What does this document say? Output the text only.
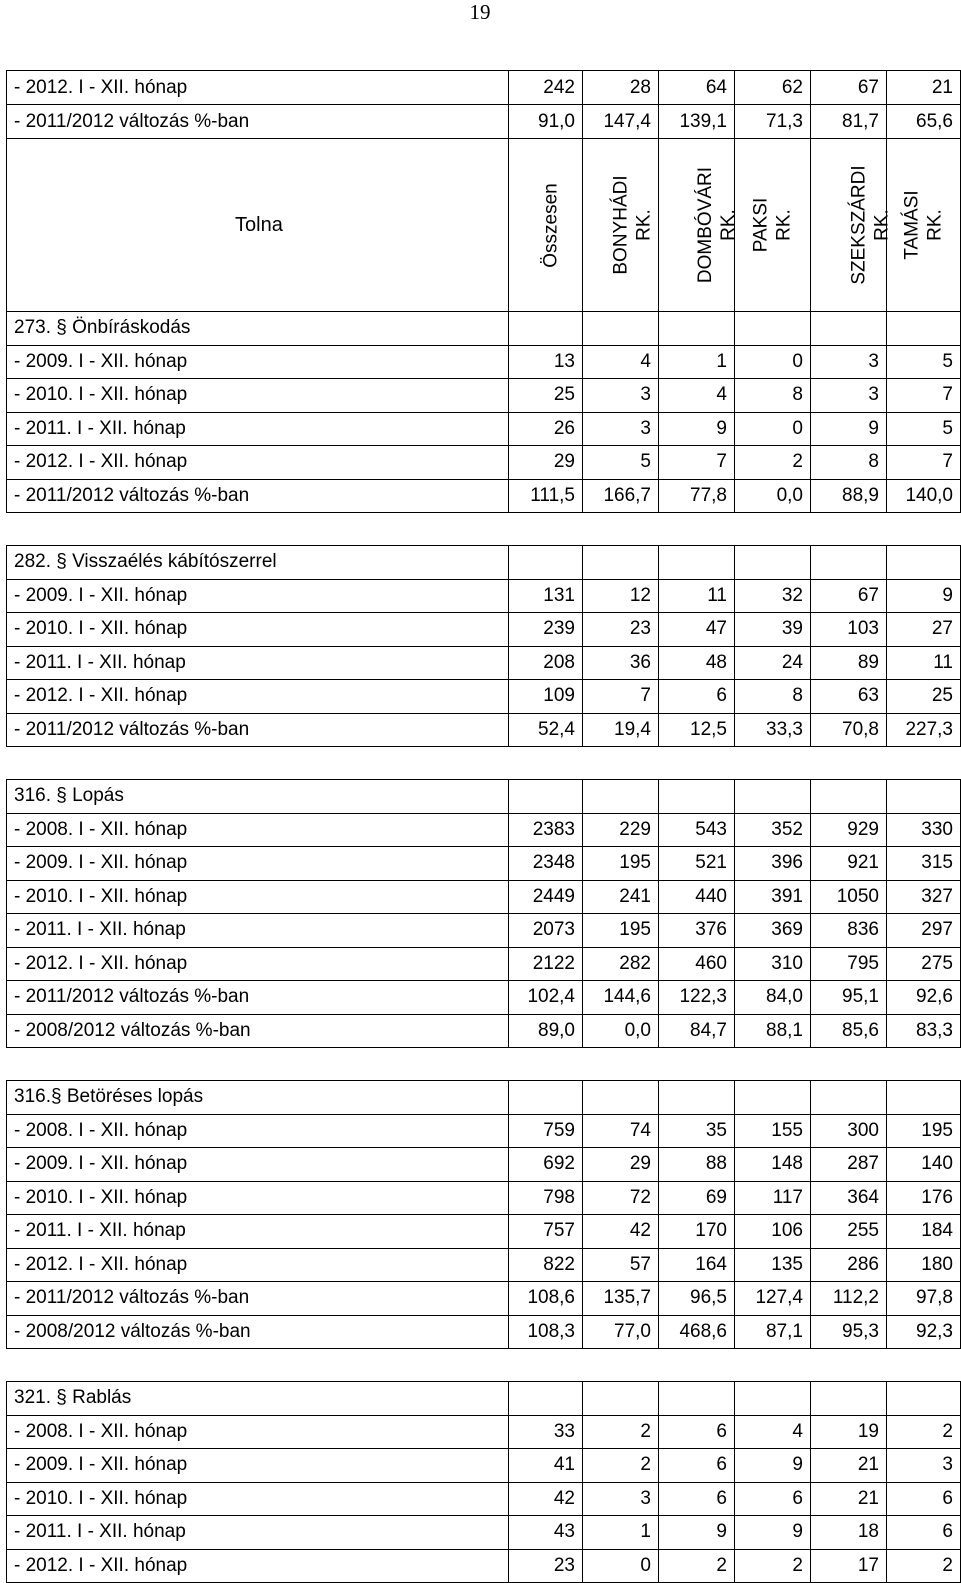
19
- 2012. I - XII. hónap	242	28	64	62	67	21
- 2011/2012 változás %-ban	91,0	147,4	139,1	71,3	81,7	65,6
Tolna	Összesen	BONYHÁDI RK.	DOMBÓVÁRI RK.	PAKSI RK.	SZEKSZÁRDI RK.	TAMÁSI RK.
273. § Önbíráskodás						
- 2009. I - XII. hónap	13	4	1	0	3	5
- 2010. I - XII. hónap	25	3	4	8	3	7
- 2011. I - XII. hónap	26	3	9	0	9	5
- 2012. I - XII. hónap	29	5	7	2	8	7
- 2011/2012 változás %-ban	111,5	166,7	77,8	0,0	88,9	140,0

282. § Visszaélés kábítószerrel						
- 2009. I - XII. hónap	131	12	11	32	67	9
- 2010. I - XII. hónap	239	23	47	39	103	27
- 2011. I - XII. hónap	208	36	48	24	89	11
- 2012. I - XII. hónap	109	7	6	8	63	25
- 2011/2012 változás %-ban	52,4	19,4	12,5	33,3	70,8	227,3

316. § Lopás						
- 2008. I - XII. hónap	2383	229	543	352	929	330
- 2009. I - XII. hónap	2348	195	521	396	921	315
- 2010. I - XII. hónap	2449	241	440	391	1050	327
- 2011. I - XII. hónap	2073	195	376	369	836	297
- 2012. I - XII. hónap	2122	282	460	310	795	275
- 2011/2012 változás %-ban	102,4	144,6	122,3	84,0	95,1	92,6
- 2008/2012 változás %-ban	89,0	0,0	84,7	88,1	85,6	83,3

316.§ Betöréses lopás						
- 2008. I - XII. hónap	759	74	35	155	300	195
- 2009. I - XII. hónap	692	29	88	148	287	140
- 2010. I - XII. hónap	798	72	69	117	364	176
- 2011. I - XII. hónap	757	42	170	106	255	184
- 2012. I - XII. hónap	822	57	164	135	286	180
- 2011/2012 változás %-ban	108,6	135,7	96,5	127,4	112,2	97,8
- 2008/2012 változás %-ban	108,3	77,0	468,6	87,1	95,3	92,3

321. § Rablás						
- 2008. I - XII. hónap	33	2	6	4	19	2
- 2009. I - XII. hónap	41	2	6	9	21	3
- 2010. I - XII. hónap	42	3	6	6	21	6
- 2011. I - XII. hónap	43	1	9	9	18	6
- 2012. I - XII. hónap	23	0	2	2	17	2
